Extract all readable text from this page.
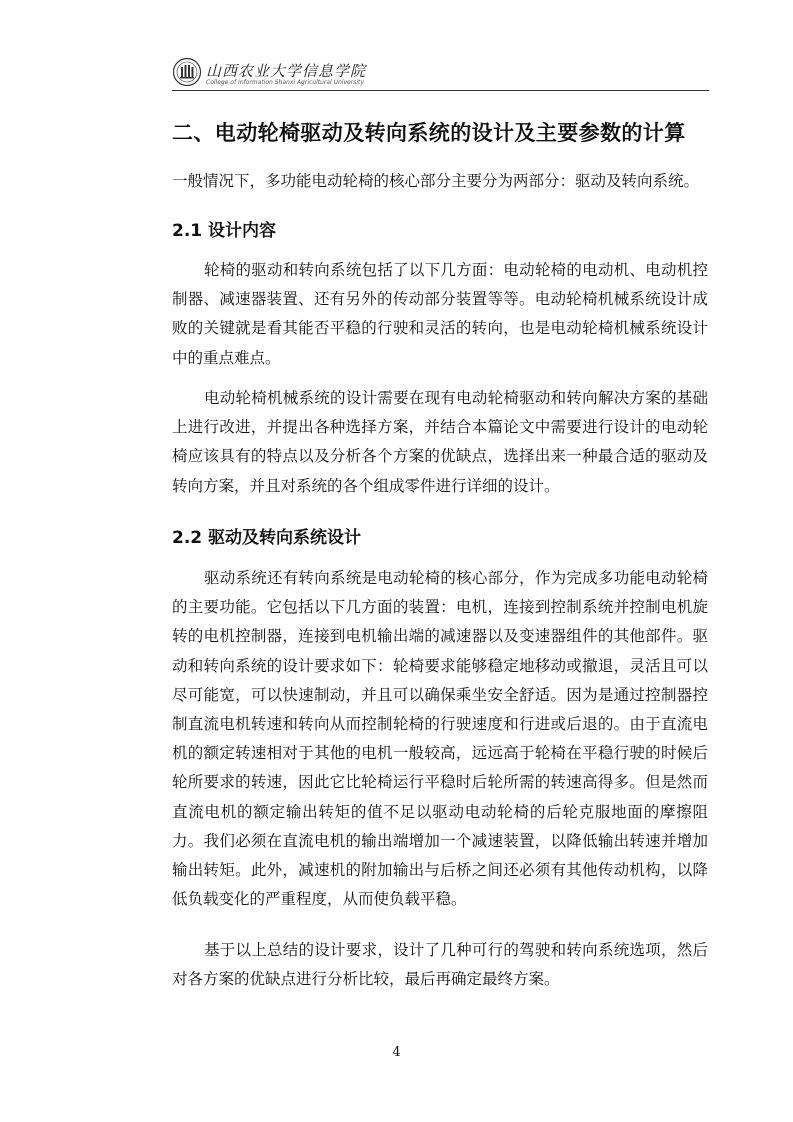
山西农业大学信息学院
College of Information Shanxi Agricultural University
二、电动轮椅驱动及转向系统的设计及主要参数的计算
一般情况下，多功能电动轮椅的核心部分主要分为两部分：驱动及转向系统。
2.1 设计内容

轮椅的驱动和转向系统包括了以下几方面：电动轮椅的电动机、电动机控制器、减速器装置、还有另外的传动部分装置等等。电动轮椅机械系统设计成败的关键就是看其能否平稳的行驶和灵活的转向，也是电动轮椅机械系统设计中的重点难点。

电动轮椅机械系统的设计需要在现有电动轮椅驱动和转向解决方案的基础上进行改进，并提出各种选择方案，并结合本篇论文中需要进行设计的电动轮椅应该具有的特点以及分析各个方案的优缺点，选择出来一种最合适的驱动及转向方案，并且对系统的各个组成零件进行详细的设计。

2.2 驱动及转向系统设计

驱动系统还有转向系统是电动轮椅的核心部分，作为完成多功能电动轮椅的主要功能。它包括以下几方面的装置：电机，连接到控制系统并控制电机旋转的电机控制器，连接到电机输出端的减速器以及变速器组件的其他部件。驱动和转向系统的设计要求如下：轮椅要求能够稳定地移动或撤退，灵活且可以尽可能宽，可以快速制动，并且可以确保乘坐安全舒适。因为是通过控制器控制直流电机转速和转向从而控制轮椅的行驶速度和行进或后退的。由于直流电机的额定转速相对于其他的电机一般较高，远远高于轮椅在平稳行驶的时候后轮所要求的转速，因此它比轮椅运行平稳时后轮所需的转速高得多。但是然而直流电机的额定输出转矩的值不足以驱动电动轮椅的后轮克服地面的摩擦阻力。我们必须在直流电机的输出端增加一个减速装置，以降低输出转速并增加输出转矩。此外，减速机的附加输出与后桥之间还必须有其他传动机构，以降低负载变化的严重程度，从而使负载平稳。

基于以上总结的设计要求，设计了几种可行的驾驶和转向系统选项，然后对各方案的优缺点进行分析比较，最后再确定最终方案。

4
